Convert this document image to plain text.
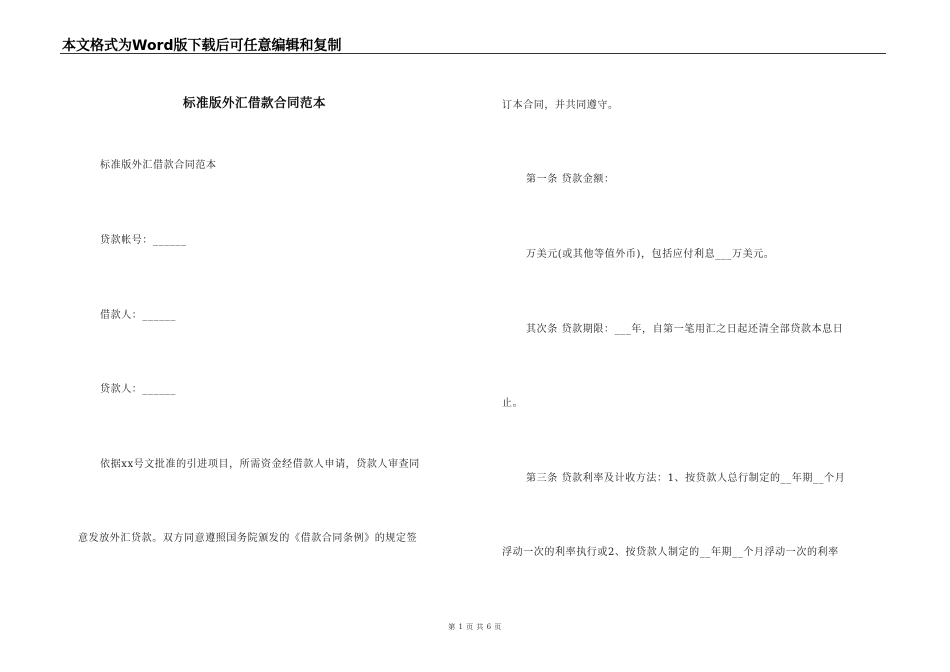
本文格式为Word版下载后可任意编辑和复制
标准版外汇借款合同范本
标准版外汇借款合同范本
贷款帐号：______
借款人：______
贷款人：______
依据xx号文批准的引进项目，所需资金经借款人申请，贷款人审查同
意发放外汇贷款。双方同意遵照国务院颁发的《借款合同条例》的规定签
订本合同，并共同遵守。
第一条 贷款金额：
万美元(或其他等值外币)，包括应付利息___万美元。
其次条 贷款期限：___年，自第一笔用汇之日起还清全部贷款本息日
止。
第三条 贷款利率及计收方法：1、按贷款人总行制定的__年期__个月
浮动一次的利率执行或2、按贷款人制定的__年期__个月浮动一次的利率
第 1 页 共 6 页
